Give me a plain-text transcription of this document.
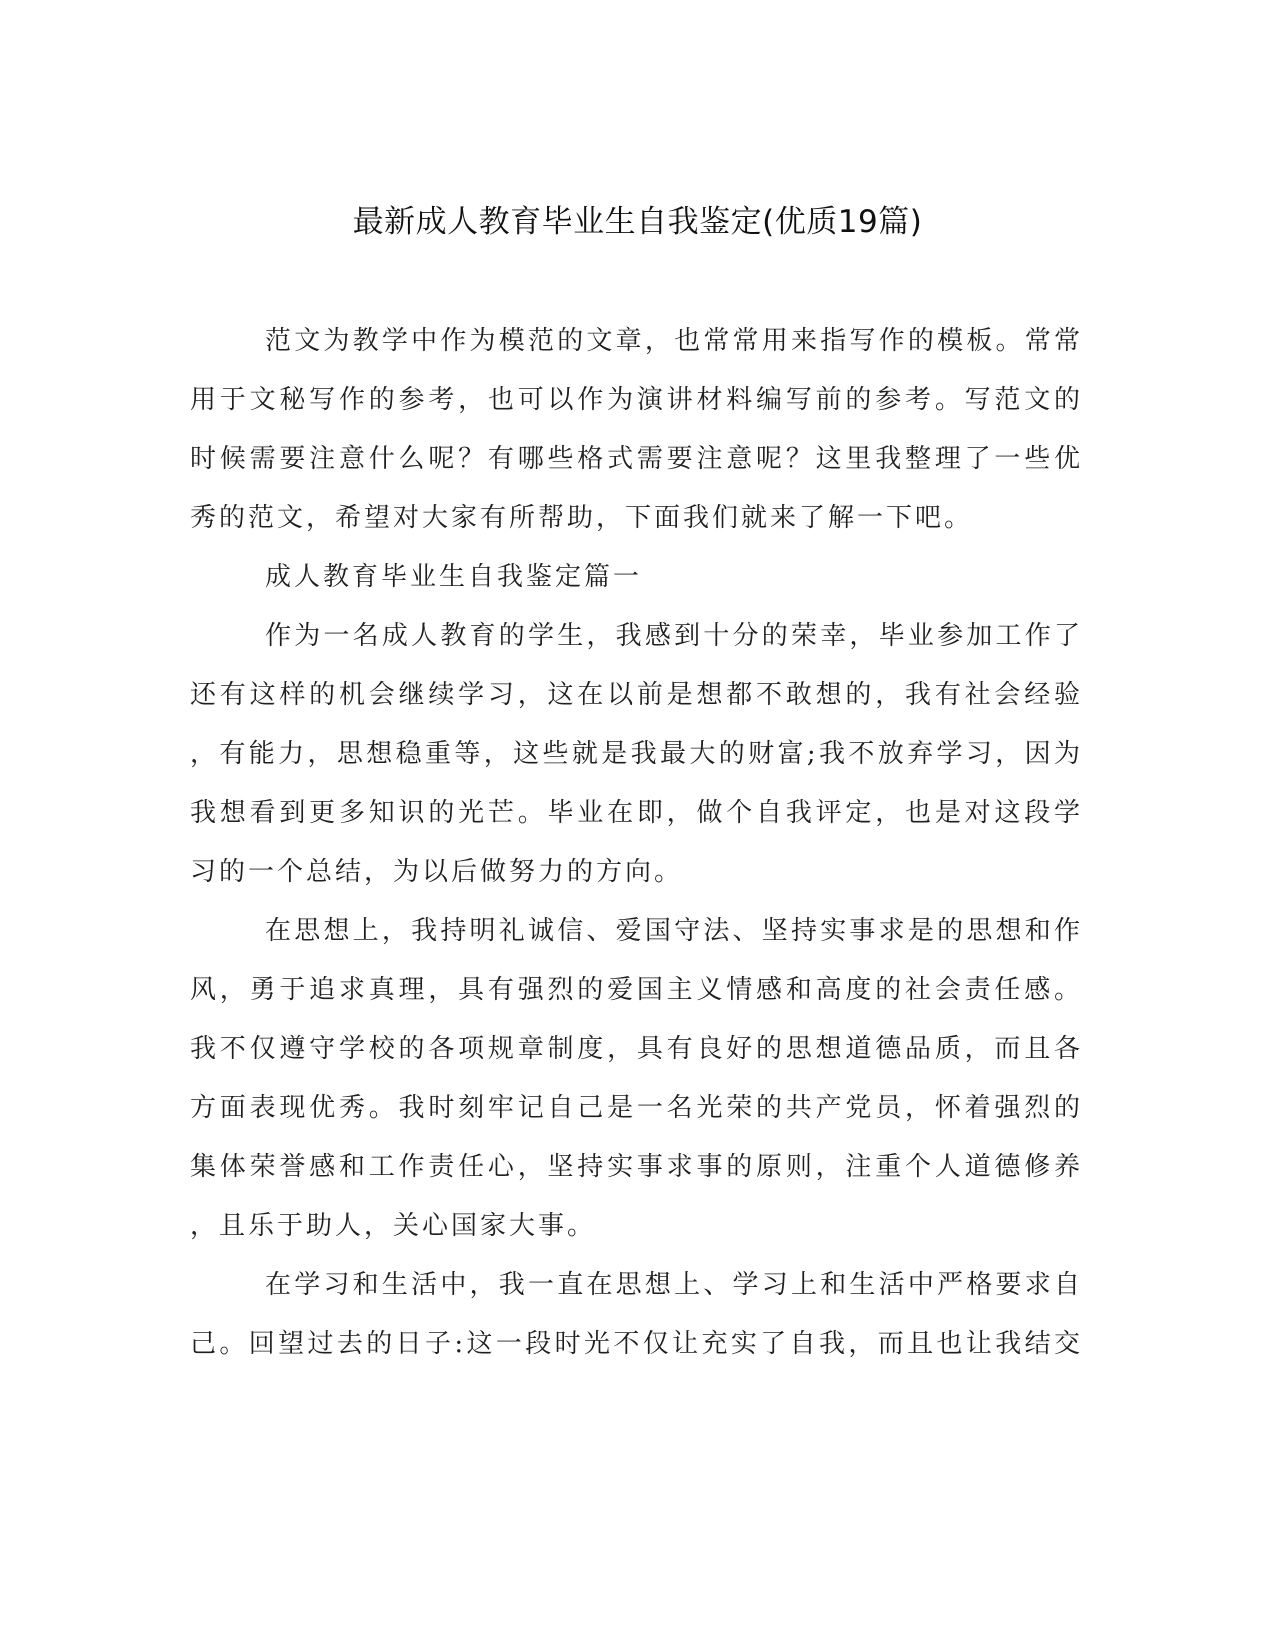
最新成人教育毕业生自我鉴定(优质19篇)
范文为教学中作为模范的文章，也常常用来指写作的模板。常常
用于文秘写作的参考，也可以作为演讲材料编写前的参考。写范文的
时候需要注意什么呢？有哪些格式需要注意呢？这里我整理了一些优
秀的范文，希望对大家有所帮助，下面我们就来了解一下吧。
成人教育毕业生自我鉴定篇一
作为一名成人教育的学生，我感到十分的荣幸，毕业参加工作了
还有这样的机会继续学习，这在以前是想都不敢想的，我有社会经验
，有能力，思想稳重等，这些就是我最大的财富;我不放弃学习，因为
我想看到更多知识的光芒。毕业在即，做个自我评定，也是对这段学
习的一个总结，为以后做努力的方向。
在思想上，我持明礼诚信、爱国守法、坚持实事求是的思想和作
风，勇于追求真理，具有强烈的爱国主义情感和高度的社会责任感。
我不仅遵守学校的各项规章制度，具有良好的思想道德品质，而且各
方面表现优秀。我时刻牢记自己是一名光荣的共产党员，怀着强烈的
集体荣誉感和工作责任心，坚持实事求事的原则，注重个人道德修养
，且乐于助人，关心国家大事。
在学习和生活中，我一直在思想上、学习上和生活中严格要求自
己。回望过去的日子:这一段时光不仅让充实了自我，而且也让我结交
